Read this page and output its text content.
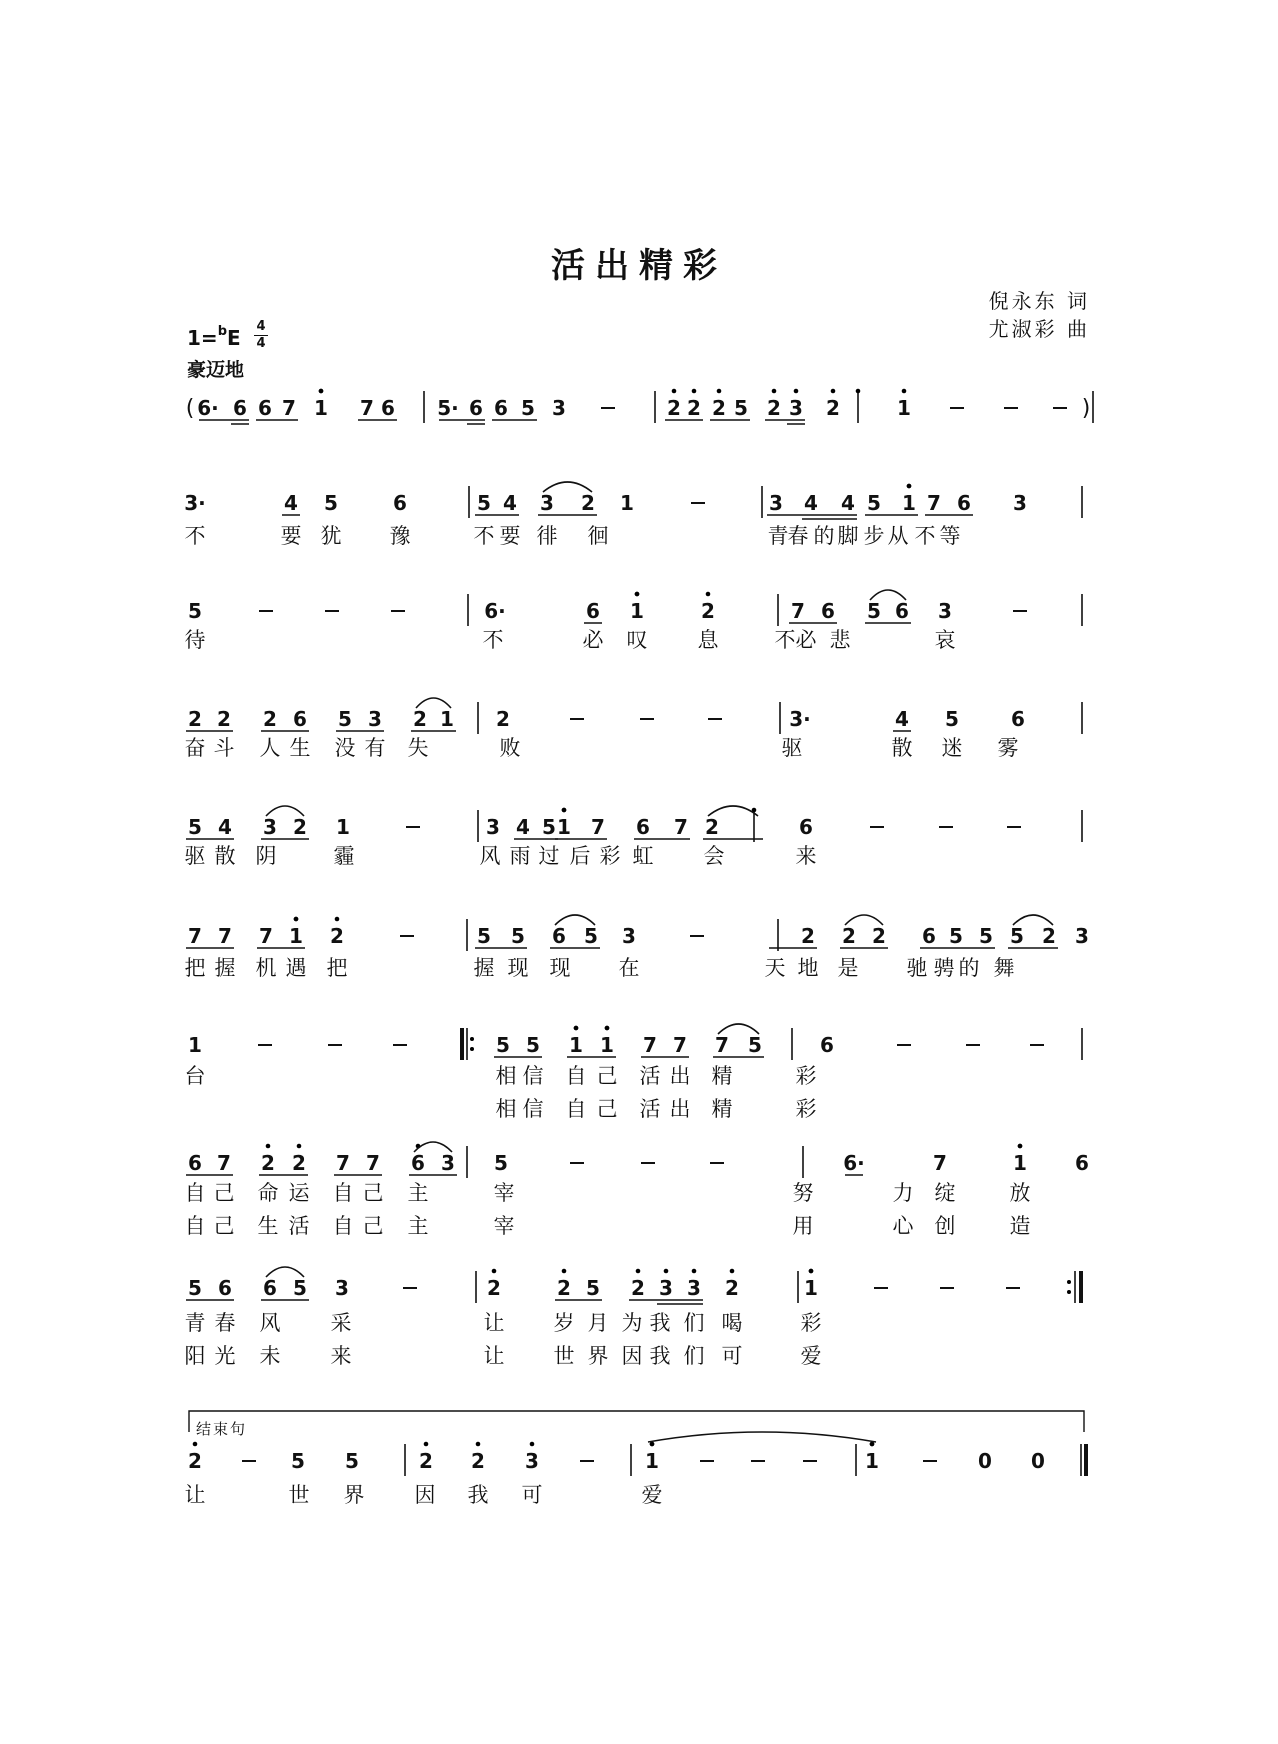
活出精彩
倪永东 词
尤淑彩 曲
1=$^b$E 4
4
豪迈地
结束句
( 6· 6 6 7 1 7 6 5· 6 6 5 3	2 2 2 5 2 3 2	1	)
3·	4 5	6	5 4 3 2 1	3 4 4 5 1 7 6 3
不	要 犹 豫	不 要 徘 徊	青 春 的 脚 步 从 不 等
5	6·	6 1	2	7 6 5 6 3
待	不	必 叹 息	不 必 悲	哀
2 2 2 6 5 3 2 1 2	3·	4 5	6
奋 斗 人 生 没 有 失	败	驱	散 迷 雾
5 4 3 2 1	3 4 5 1 7 6 7 2	6
驱 散 阴	霾	风 雨 过 后 彩 虹 会	来
7 7 7 1 2	5 5 6 5 3	2 2 2 6 5 5 5 2 3
把 握 机 遇 把	握 现 现 在	天 地 是 驰 骋 的 舞
1	5 5 1 1 7 7 7 5	6
台	相 信 自 己 活 出 精	彩
相 信 自 己 活 出 精	彩
6 7 2 2 7 7 6 3 5	6·	7	1 6
自 己 命 运 自 己 主	宰	努	力 绽	放
自 己 生 活 自 己 主	宰	用	心 创	造
5 6 6 5 3	2	2 5 2 3 3 2	1
青 春 风 采	让 岁 月 为 我 们 喝	彩
阳 光 未 来	让 世 界 因 我 们 可	爱
2	5 5	2 2 3	1	1	0 0
让	世 界 因 我 可	爱
